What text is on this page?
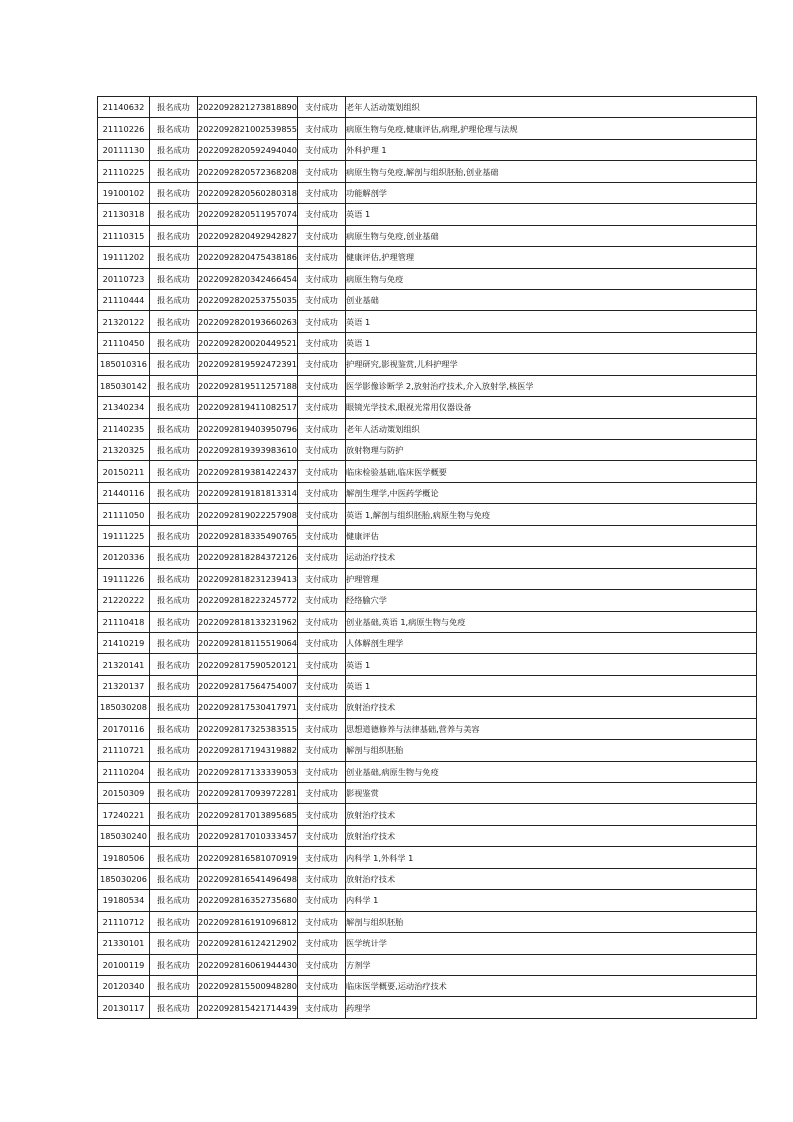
21140632	报名成功	2022092821273818890	支付成功	老年人活动策划组织
21110226	报名成功	2022092821002539855	支付成功	病原生物与免疫,健康评估,病理,护理伦理与法规
20111130	报名成功	2022092820592494040	支付成功	外科护理 1
21110225	报名成功	2022092820572368208	支付成功	病原生物与免疫,解剖与组织胚胎,创业基础
19100102	报名成功	2022092820560280318	支付成功	功能解剖学
21130318	报名成功	2022092820511957074	支付成功	英语 1
21110315	报名成功	2022092820492942827	支付成功	病原生物与免疫,创业基础
19111202	报名成功	2022092820475438186	支付成功	健康评估,护理管理
20110723	报名成功	2022092820342466454	支付成功	病原生物与免疫
21110444	报名成功	2022092820253755035	支付成功	创业基础
21320122	报名成功	2022092820193660263	支付成功	英语 1
21110450	报名成功	2022092820020449521	支付成功	英语 1
185010316	报名成功	2022092819592472391	支付成功	护理研究,影视鉴赏,儿科护理学
185030142	报名成功	2022092819511257188	支付成功	医学影像诊断学 2,放射治疗技术,介入放射学,核医学
21340234	报名成功	2022092819411082517	支付成功	眼镜光学技术,眼视光常用仪器设备
21140235	报名成功	2022092819403950796	支付成功	老年人活动策划组织
21320325	报名成功	2022092819393983610	支付成功	放射物理与防护
20150211	报名成功	2022092819381422437	支付成功	临床检验基础,临床医学概要
21440116	报名成功	2022092819181813314	支付成功	解剖生理学,中医药学概论
21111050	报名成功	2022092819022257908	支付成功	英语 1,解剖与组织胚胎,病原生物与免疫
19111225	报名成功	2022092818335490765	支付成功	健康评估
20120336	报名成功	2022092818284372126	支付成功	运动治疗技术
19111226	报名成功	2022092818231239413	支付成功	护理管理
21220222	报名成功	2022092818223245772	支付成功	经络腧穴学
21110418	报名成功	2022092818133231962	支付成功	创业基础,英语 1,病原生物与免疫
21410219	报名成功	2022092818115519064	支付成功	人体解剖生理学
21320141	报名成功	2022092817590520121	支付成功	英语 1
21320137	报名成功	2022092817564754007	支付成功	英语 1
185030208	报名成功	2022092817530417971	支付成功	放射治疗技术
20170116	报名成功	2022092817325383515	支付成功	思想道德修养与法律基础,营养与美容
21110721	报名成功	2022092817194319882	支付成功	解剖与组织胚胎
21110204	报名成功	2022092817133339053	支付成功	创业基础,病原生物与免疫
20150309	报名成功	2022092817093972281	支付成功	影视鉴赏
17240221	报名成功	2022092817013895685	支付成功	放射治疗技术
185030240	报名成功	2022092817010333457	支付成功	放射治疗技术
19180506	报名成功	2022092816581070919	支付成功	内科学 1,外科学 1
185030206	报名成功	2022092816541496498	支付成功	放射治疗技术
19180534	报名成功	2022092816352735680	支付成功	内科学 1
21110712	报名成功	2022092816191096812	支付成功	解剖与组织胚胎
21330101	报名成功	2022092816124212902	支付成功	医学统计学
20100119	报名成功	2022092816061944430	支付成功	方剂学
20120340	报名成功	2022092815500948280	支付成功	临床医学概要,运动治疗技术
20130117	报名成功	2022092815421714439	支付成功	药理学
